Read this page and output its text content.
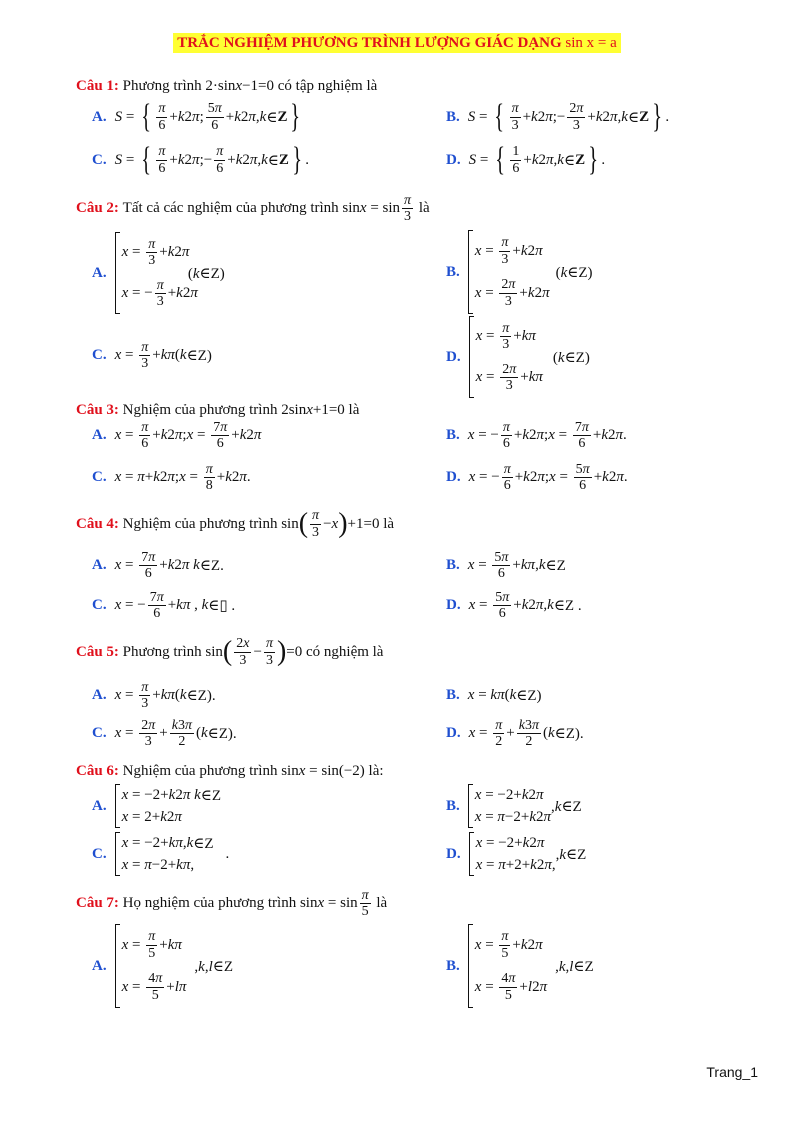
TRẮC NGHIỆM PHƯƠNG TRÌNH LƯỢNG GIÁC DẠNG sin x = a
Câu 1: Phương trình 2·sinx−1=0 có tập nghiệm là
A. S = { $\frac{\pi}{6} + k$ 2 π ; $\frac{5\pi}{6} + k$ 2 π , k ∈ Z }	B. S = { $\frac{\pi}{3} + k$ 2 π ;− $\frac{2\pi}{3} + k$ 2 π , k ∈ Z } .
C. S = { $\frac{\pi}{6} + k$ 2 π ;− $\frac{\pi}{6} + k$ 2 π , k ∈ Z } .	D. S = { $\frac{1}{6} + k$ 2 π , k ∈ Z } .
Câu 2:
Tất cả các nghiệm của phương trình $\sin x = \sin \frac{\pi}{3}$ là
A.
$x = \frac{\pi}{3} + k$ 2 π
x = − $\frac{\pi}{3} + k$ 2 π
(k∈Z)	B.
$x = \frac{\pi}{3} + k$ 2 π
$x = \frac{2\pi}{3} + k$ 2 π
(k∈Z)
C. $x = \frac{\pi}{3} + k\pi$ ( k ∈Z)	D.
$x = \frac{\pi}{3} + k\pi$
$x = \frac{2\pi}{3} + k\pi$
(k∈Z)
Câu 3: Nghiệm của phương trình 2sinx+1=0 là
A. $x = \frac{\pi}{6} + k$ 2 π ; $x = \frac{7\pi}{6} + k$ 2 π	B. x = − $\frac{\pi}{6} + k$ 2 π ; $x = \frac{7\pi}{6} + k$ 2 π .
C. x = π + k 2 π ; $x = \frac{\pi}{8} + k$ 2 π .	D. x = − $\frac{\pi}{6} + k$ 2 π ; $x = \frac{5\pi}{6} + k$ 2 π .
Câu 4:
Nghiệm của phương trình sin ( $\frac{\pi}{3} - x$ ) +1=0 là
A. $x = \frac{7\pi}{6} + k$ 2 π
k ∈Z.	B. $x = \frac{5\pi}{6} + k\pi$ , k ∈Z
C. x = − $\frac{7\pi}{6} + k\pi$ , k ∈▯ .	D. $x = \frac{5\pi}{6} + k$ 2 π , k ∈Z .
Câu 5:
Phương trình sin ( $\frac{2x}{3} - \frac{\pi}{3}$ ) =0 có nghiệm là
A. $x = \frac{\pi}{3} + k\pi$ ( k ∈Z).	B. x = kπ ( k ∈Z)
C. $x = \frac{2\pi}{3} + \frac{k3\pi}{2}$ ( k ∈Z).	D. $x = \frac{\pi}{2} + \frac{k3\pi}{2}$ ( k ∈Z).
Câu 6: Nghiệm của phương trình sinx = sin(−2) là:
A.
x = −2+ k 2 π
k ∈Z
x = 2+ k 2 π
B.
x = −2+ k 2 π
x = π −2+ k 2 π
,k∈Z
C.
x = −2+ kπ , k ∈Z
x = π −2+ kπ ,
.	D.
x = −2+ k 2 π
x = π +2+ k 2 π ,
,k∈Z
Câu 7:
Họ nghiệm của phương trình $\sin x = \sin \frac{\pi}{5}$ là
A.
$x = \frac{\pi}{5} + k\pi$
$x = \frac{4\pi}{5} + l\pi$
,k,l∈Z	B.
$x = \frac{\pi}{5} + k$ 2 π
$x = \frac{4\pi}{5} + l$ 2 π
,k,l∈Z
Trang_1
